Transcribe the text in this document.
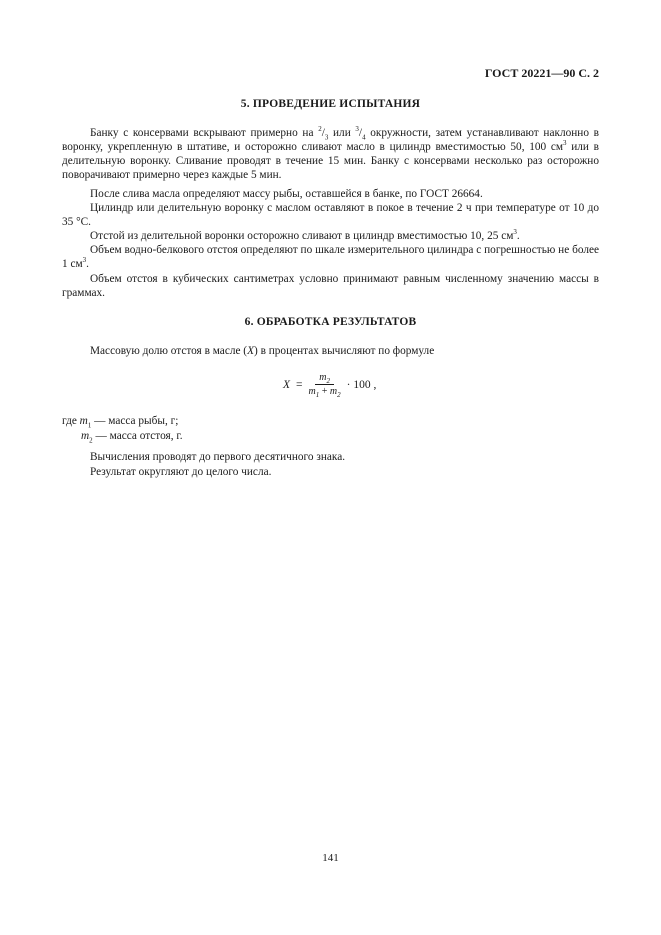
ГОСТ 20221—90 С. 2
5. ПРОВЕДЕНИЕ ИСПЫТАНИЯ

Банку с консервами вскрывают примерно на $^2/_3$ или $^3/_4$ окружности, затем устанавливают наклонно в воронку, укрепленную в штативе, и осторожно сливают масло в цилиндр вместимостью 50, 100 $см^3$ или в делительную воронку. Сливание проводят в течение 15 мин. Банку с консервами несколько раз осторожно поворачивают примерно через каждые 5 мин.

После слива масла определяют массу рыбы, оставшейся в банке, по ГОСТ 26664.

Цилиндр или делительную воронку с маслом оставляют в покое в течение 2 ч при температуре от 10 до 35 °С.

Отстой из делительной воронки осторожно сливают в цилиндр вместимостью 10, 25 $см^3$.

Объем водно-белкового отстоя определяют по шкале измерительного цилиндра с погрешностью не более 1 $см^3$.

Объем отстоя в кубических сантиметрах условно принимают равным численному значению массы в граммах.

6. ОБРАБОТКА РЕЗУЛЬТАТОВ

Массовую долю отстоя в масле (X) в процентах вычисляют по формуле

$X = \frac{m_2}{m_1 + m_2} \cdot 100$ ,
где $m_1$ — масса рыбы, г;
$m_2$ — масса отстоя, г.

Вычисления проводят до первого десятичного знака.

Результат округляют до целого числа.

141
